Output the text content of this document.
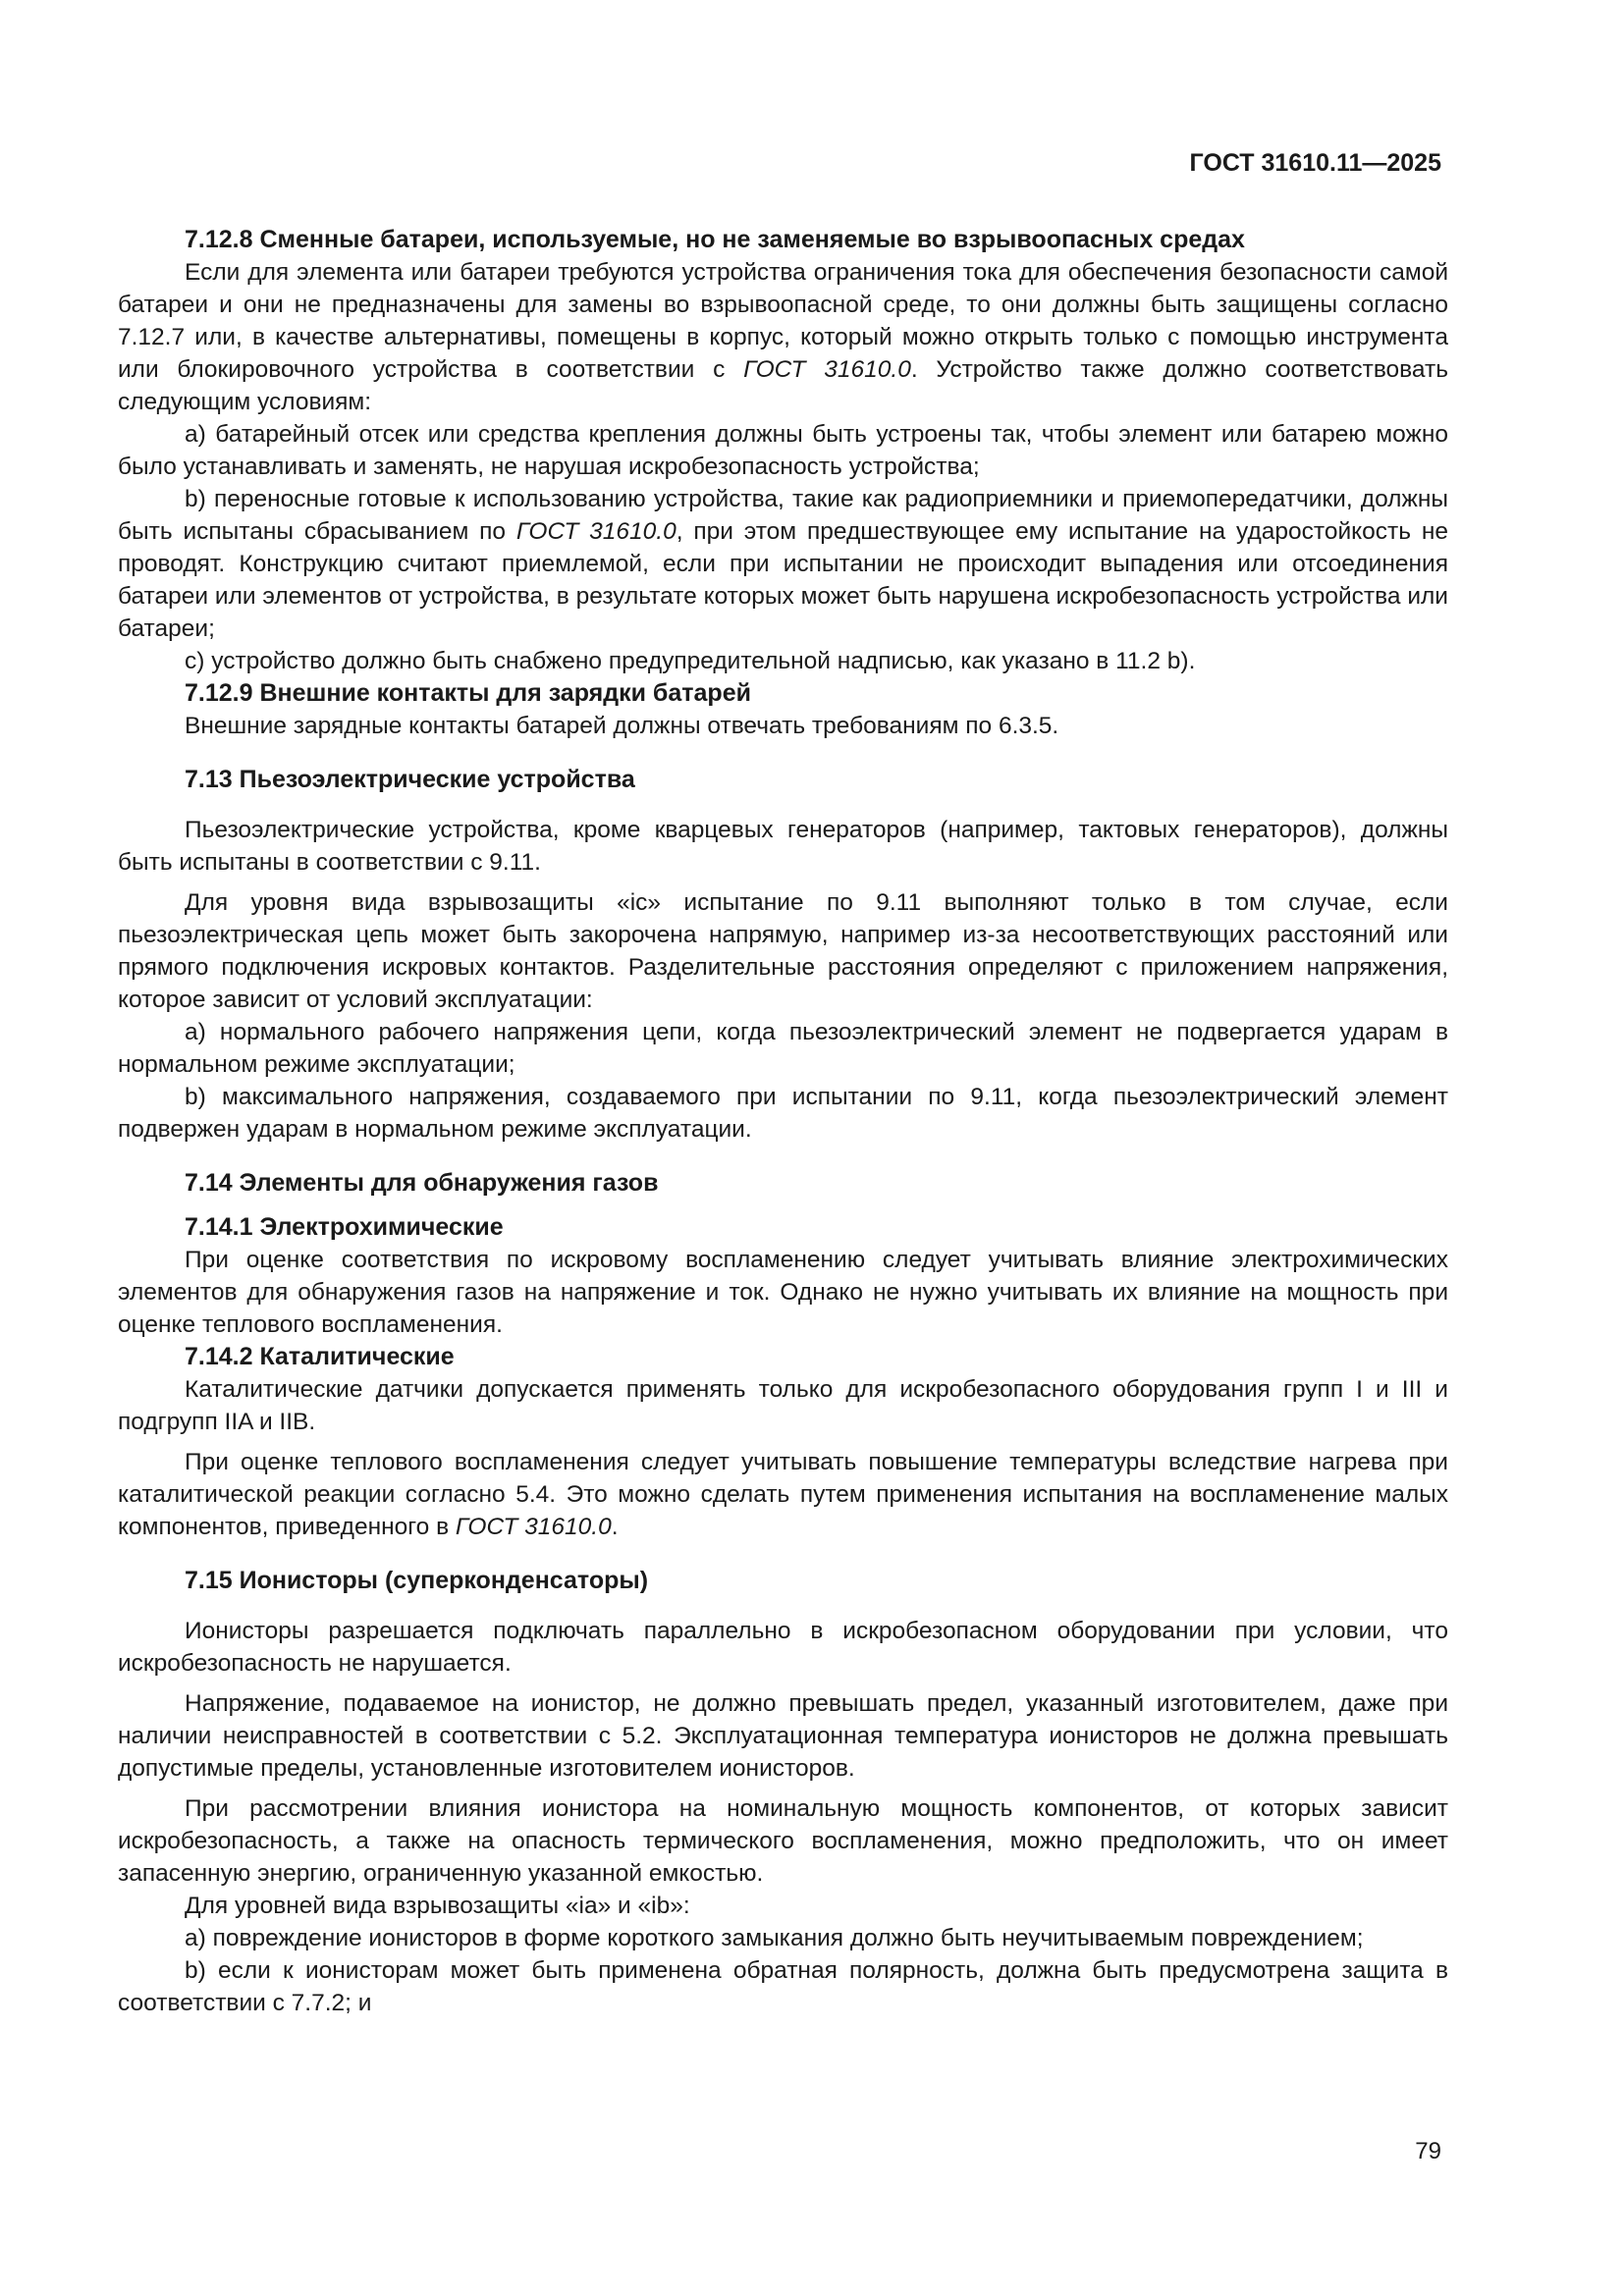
ГОСТ 31610.11—2025
7.12.8 Сменные батареи, используемые, но не заменяемые во взрывоопасных средах

Если для элемента или батареи требуются устройства ограничения тока для обеспечения безопасности самой батареи и они не предназначены для замены во взрывоопасной среде, то они должны быть защищены согласно 7.12.7 или, в качестве альтернативы, помещены в корпус, который можно открыть только с помощью инструмента или блокировочного устройства в соответствии с ГОСТ 31610.0. Устройство также должно соответствовать следующим условиям:

a) батарейный отсек или средства крепления должны быть устроены так, чтобы элемент или батарею можно было устанавливать и заменять, не нарушая искробезопасность устройства;

b) переносные готовые к использованию устройства, такие как радиоприемники и приемопередатчики, должны быть испытаны сбрасыванием по ГОСТ 31610.0, при этом предшествующее ему испытание на ударостойкость не проводят. Конструкцию считают приемлемой, если при испытании не происходит выпадения или отсоединения батареи или элементов от устройства, в результате которых может быть нарушена искробезопасность устройства или батареи;

c) устройство должно быть снабжено предупредительной надписью, как указано в 11.2 b).

7.12.9 Внешние контакты для зарядки батарей

Внешние зарядные контакты батарей должны отвечать требованиям по 6.3.5.

7.13 Пьезоэлектрические устройства

Пьезоэлектрические устройства, кроме кварцевых генераторов (например, тактовых генераторов), должны быть испытаны в соответствии с 9.11.

Для уровня вида взрывозащиты «ic» испытание по 9.11 выполняют только в том случае, если пьезоэлектрическая цепь может быть закорочена напрямую, например из-за несоответствующих расстояний или прямого подключения искровых контактов. Разделительные расстояния определяют с приложением напряжения, которое зависит от условий эксплуатации:

a) нормального рабочего напряжения цепи, когда пьезоэлектрический элемент не подвергается ударам в нормальном режиме эксплуатации;

b) максимального напряжения, создаваемого при испытании по 9.11, когда пьезоэлектрический элемент подвержен ударам в нормальном режиме эксплуатации.

7.14 Элементы для обнаружения газов
7.14.1 Электрохимические

При оценке соответствия по искровому воспламенению следует учитывать влияние электрохимических элементов для обнаружения газов на напряжение и ток. Однако не нужно учитывать их влияние на мощность при оценке теплового воспламенения.

7.14.2 Каталитические

Каталитические датчики допускается применять только для искробезопасного оборудования групп I и III и подгрупп IIA и IIB.

При оценке теплового воспламенения следует учитывать повышение температуры вследствие нагрева при каталитической реакции согласно 5.4. Это можно сделать путем применения испытания на воспламенение малых компонентов, приведенного в ГОСТ 31610.0.

7.15 Ионисторы (суперконденсаторы)

Ионисторы разрешается подключать параллельно в искробезопасном оборудовании при условии, что искробезопасность не нарушается.

Напряжение, подаваемое на ионистор, не должно превышать предел, указанный изготовителем, даже при наличии неисправностей в соответствии с 5.2. Эксплуатационная температура ионисторов не должна превышать допустимые пределы, установленные изготовителем ионисторов.

При рассмотрении влияния ионистора на номинальную мощность компонентов, от которых зависит искробезопасность, а также на опасность термического воспламенения, можно предположить, что он имеет запасенную энергию, ограниченную указанной емкостью.

Для уровней вида взрывозащиты «ia» и «ib»:

a) повреждение ионисторов в форме короткого замыкания должно быть неучитываемым повреждением;

b) если к ионисторам может быть применена обратная полярность, должна быть предусмотрена защита в соответствии с 7.7.2; и

79
